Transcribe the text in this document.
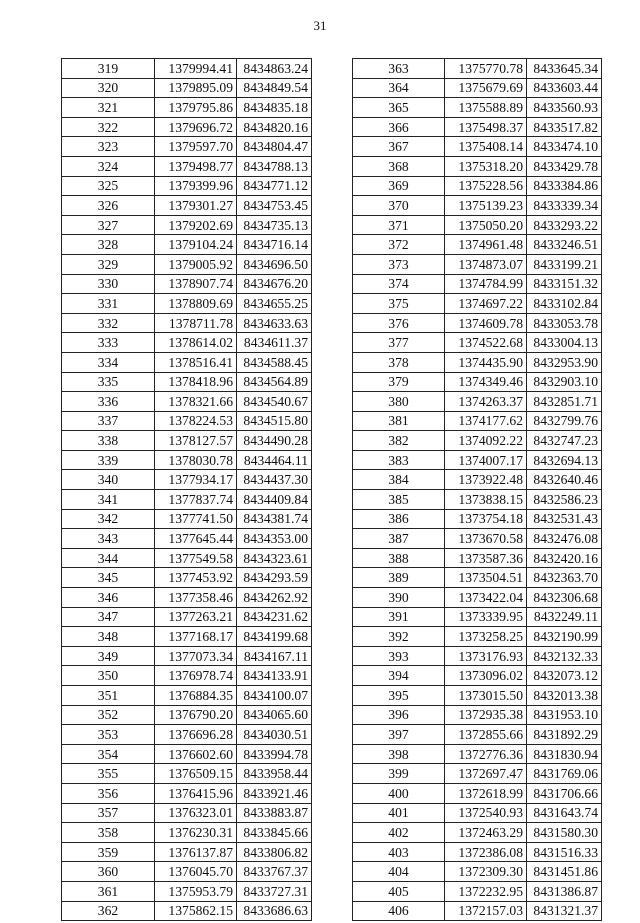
31
319	1379994.41	8434863.24
320	1379895.09	8434849.54
321	1379795.86	8434835.18
322	1379696.72	8434820.16
323	1379597.70	8434804.47
324	1379498.77	8434788.13
325	1379399.96	8434771.12
326	1379301.27	8434753.45
327	1379202.69	8434735.13
328	1379104.24	8434716.14
329	1379005.92	8434696.50
330	1378907.74	8434676.20
331	1378809.69	8434655.25
332	1378711.78	8434633.63
333	1378614.02	8434611.37
334	1378516.41	8434588.45
335	1378418.96	8434564.89
336	1378321.66	8434540.67
337	1378224.53	8434515.80
338	1378127.57	8434490.28
339	1378030.78	8434464.11
340	1377934.17	8434437.30
341	1377837.74	8434409.84
342	1377741.50	8434381.74
343	1377645.44	8434353.00
344	1377549.58	8434323.61
345	1377453.92	8434293.59
346	1377358.46	8434262.92
347	1377263.21	8434231.62
348	1377168.17	8434199.68
349	1377073.34	8434167.11
350	1376978.74	8434133.91
351	1376884.35	8434100.07
352	1376790.20	8434065.60
353	1376696.28	8434030.51
354	1376602.60	8433994.78
355	1376509.15	8433958.44
356	1376415.96	8433921.46
357	1376323.01	8433883.87
358	1376230.31	8433845.66
359	1376137.87	8433806.82
360	1376045.70	8433767.37
361	1375953.79	8433727.31
362	1375862.15	8433686.63
363	1375770.78	8433645.34
364	1375679.69	8433603.44
365	1375588.89	8433560.93
366	1375498.37	8433517.82
367	1375408.14	8433474.10
368	1375318.20	8433429.78
369	1375228.56	8433384.86
370	1375139.23	8433339.34
371	1375050.20	8433293.22
372	1374961.48	8433246.51
373	1374873.07	8433199.21
374	1374784.99	8433151.32
375	1374697.22	8433102.84
376	1374609.78	8433053.78
377	1374522.68	8433004.13
378	1374435.90	8432953.90
379	1374349.46	8432903.10
380	1374263.37	8432851.71
381	1374177.62	8432799.76
382	1374092.22	8432747.23
383	1374007.17	8432694.13
384	1373922.48	8432640.46
385	1373838.15	8432586.23
386	1373754.18	8432531.43
387	1373670.58	8432476.08
388	1373587.36	8432420.16
389	1373504.51	8432363.70
390	1373422.04	8432306.68
391	1373339.95	8432249.11
392	1373258.25	8432190.99
393	1373176.93	8432132.33
394	1373096.02	8432073.12
395	1373015.50	8432013.38
396	1372935.38	8431953.10
397	1372855.66	8431892.29
398	1372776.36	8431830.94
399	1372697.47	8431769.06
400	1372618.99	8431706.66
401	1372540.93	8431643.74
402	1372463.29	8431580.30
403	1372386.08	8431516.33
404	1372309.30	8431451.86
405	1372232.95	8431386.87
406	1372157.03	8431321.37
